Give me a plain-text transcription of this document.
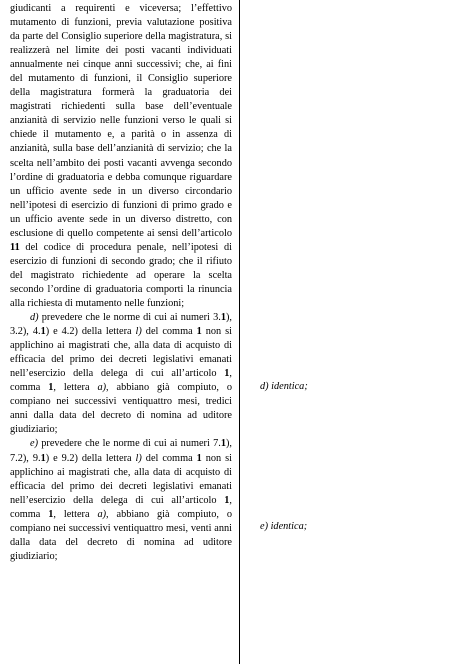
giudicanti a requirenti e viceversa; l’effettivo mutamento di funzioni, previa valutazione positiva da parte del Consiglio superiore della magistratura, si realizzerà nel limite dei posti vacanti individuati annualmente nei cinque anni successivi; che, ai fini del mutamento di funzioni, il Consiglio superiore della magistratura formerà la graduatoria dei magistrati richiedenti sulla base dell’eventuale anzianità di servizio nelle funzioni verso le quali si chiede il mutamento e, a parità o in assenza di anzianità, sulla base dell’anzianità di servizio; che la scelta nell’ambito dei posti vacanti avvenga secondo l’ordine di graduatoria e debba comunque riguardare un ufficio avente sede in un diverso circondario nell’ipotesi di esercizio di funzioni di primo grado e un ufficio avente sede in un diverso distretto, con esclusione di quello competente ai sensi dell’articolo 11 del codice di procedura penale, nell’ipotesi di esercizio di funzioni di secondo grado; che il rifiuto del magistrato richiedente ad operare la scelta secondo l’ordine di graduatoria comporti la rinuncia alla richiesta di mutamento nelle funzioni;

d) prevedere che le norme di cui ai numeri 3.1), 3.2), 4.1) e 4.2) della lettera l) del comma 1 non si applichino ai magistrati che, alla data di acquisto di efficacia del primo dei decreti legislativi emanati nell’esercizio della delega di cui all’articolo 1, comma 1, lettera a), abbiano già compiuto, o compiano nei successivi ventiquattro mesi, tredici anni dalla data del decreto di nomina ad uditore giudiziario;

e) prevedere che le norme di cui ai numeri 7.1), 7.2), 9.1) e 9.2) della lettera l) del comma 1 non si applichino ai magistrati che, alla data di acquisto di efficacia del primo dei decreti legislativi emanati nell’esercizio della delega di cui all’articolo 1, comma 1, lettera a), abbiano già compiuto, o compiano nei successivi ventiquattro mesi, venti anni dalla data del decreto di nomina ad uditore giudiziario;

d) identica;
e) identica;
